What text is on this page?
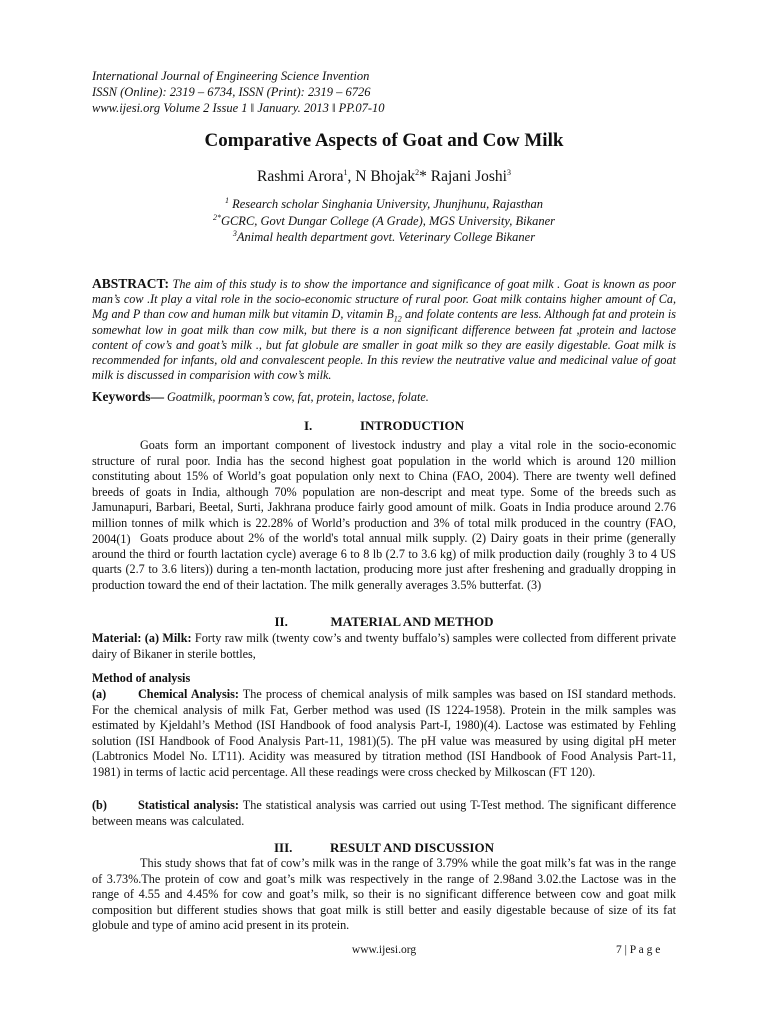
International Journal of Engineering Science Invention
ISSN (Online): 2319 – 6734, ISSN (Print): 2319 – 6726
www.ijesi.org Volume 2 Issue 1 ǁ January. 2013 ǁ PP.07-10
Comparative Aspects of Goat and Cow Milk
Rashmi Arora$^1$, N Bhojak$^2$* Rajani Joshi$^3$
$^1$ Research scholar Singhania University, Jhunjhunu, Rajasthan
$^{2*}$GCRC, Govt Dungar College (A Grade), MGS University, Bikaner
$^3$Animal health department govt. Veterinary College Bikaner
ABSTRACT: The aim of this study is to show the importance and significance of goat milk . Goat is known as poor man’s cow .It play a vital role in the socio-economic structure of rural poor. Goat milk contains higher amount of Ca, Mg and P than cow and human milk but vitamin D, vitamin $B_{12}$ and folate contents are less. Although fat and protein is somewhat low in goat milk than cow milk, but there is a non significant difference between fat ,protein and lactose content of cow’s and goat’s milk ., but fat globule are smaller in goat milk so they are easily digestable. Goat milk is recommended for infants, old and convalescent people. In this review the neutrative value and medicinal value of goat milk is discussed in comparision with cow’s milk.
Keywords— Goatmilk, poorman’s cow, fat, protein, lactose, folate.
I.	INTRODUCTION
Goats form an important component of livestock industry and play a vital role in the socio-economic structure of rural poor. India has the second highest goat population in the world which is around 120 million constituting about 15% of World’s goat population only next to China (FAO, 2004). There are twenty well defined breeds of goats in India, although 70% population are non-descript and meat type. Some of the breeds such as Jamunapuri, Barbari, Beetal, Surti, Jakhrana produce fairly good amount of milk. Goats in India produce around 2.76 million tonnes of milk which is 22.28% of World’s production and 3% of total milk produced in the country (FAO, 2004(1) Goats produce about 2% of the world's total annual milk supply. (2) Dairy goats in their prime (generally around the third or fourth lactation cycle) average 6 to 8 lb (2.7 to 3.6 kg) of milk production daily (roughly 3 to 4 US quarts (2.7 to 3.6 liters)) during a ten-month lactation, producing more just after freshening and gradually dropping in production toward the end of their lactation. The milk generally averages 3.5% butterfat. (3)
II.	MATERIAL AND METHOD
Material: (a) Milk: Forty raw milk (twenty cow’s and twenty buffalo’s) samples were collected from different private dairy of Bikaner in sterile bottles,
Method of analysis
(a)	Chemical Analysis: The process of chemical analysis of milk samples was based on ISI standard methods. For the chemical analysis of milk Fat, Gerber method was used (IS 1224-1958). Protein in the milk samples was estimated by Kjeldahl’s Method (ISI Handbook of food analysis Part-I, 1980)(4). Lactose was estimated by Fehling solution (ISI Handbook of Food Analysis Part-11, 1981)(5). The pH value was measured by using digital pH meter (Labtronics Model No. LT11). Acidity was measured by titration method (ISI Handbook of Food Analysis Part-11, 1981) in terms of lactic acid percentage. All these readings were cross checked by Milkoscan (FT 120).
(b)	Statistical analysis: The statistical analysis was carried out using T-Test method. The significant difference between means was calculated.
III.	RESULT AND DISCUSSION
This study shows that fat of cow’s milk was in the range of 3.79% while the goat milk’s fat was in the range of 3.73%.The protein of cow and goat’s milk was respectively in the range of 2.98and 3.02.the Lactose was in the range of 4.55 and 4.45% for cow and goat’s milk, so their is no significant difference between cow and goat milk composition but different studies shows that goat milk is still better and easily digestable because of size of its fat globule and type of amino acid present in its protein.
www.ijesi.org	7 | P a g e
